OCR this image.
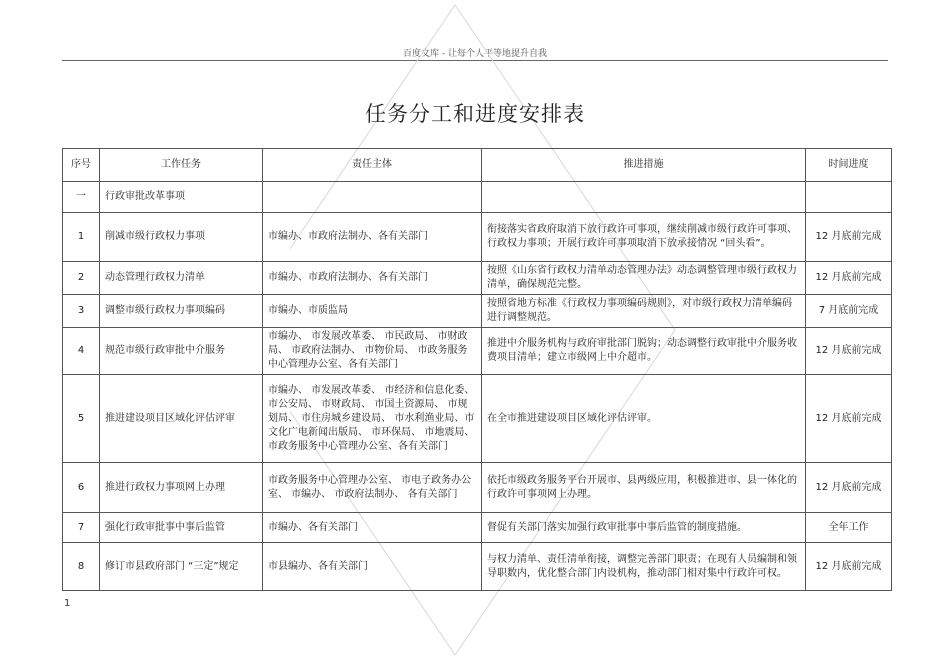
百度文库 - 让每个人平等地提升自我
任务分工和进度安排表
序号	工作任务	责任主体	推进措施	时间进度
一	行政审批改革事项			
1	削减市级行政权力事项	市编办、市政府法制办、各有关部门	衔接落实省政府取消下放行政许可事项，继续削减市级行政许可事项、行政权力事项；开展行政许可事项取消下放承接情况 “回头看”。	12 月底前完成
2	动态管理行政权力清单	市编办、市政府法制办、各有关部门	按照《山东省行政权力清单动态管理办法》动态调整管理市级行政权力清单，确保规范完整。	12 月底前完成
3	调整市级行政权力事项编码	市编办、市质监局	按照省地方标准《行政权力事项编码规则》，对市级行政权力清单编码进行调整规范。	7 月底前完成
4	规范市级行政审批中介服务	市编办、 市发展改革委、 市民政局、 市财政局、 市政府法制办、 市物价局、 市政务服务中心管理办公室、各有关部门	推进中介服务机构与政府审批部门脱钩；动态调整行政审批中介服务收费项目清单；建立市级网上中介超市。	12 月底前完成
5	推进建设项目区域化评估评审	市编办、 市发展改革委、 市经济和信息化委、市公安局、 市财政局、 市国土资源局、 市规划局、 市住房城乡建设局、 市水利渔业局、市文化广电新闻出版局、 市环保局、 市地震局、市政务服务中心管理办公室、各有关部门	在全市推进建设项目区域化评估评审。	12 月底前完成
6	推进行政权力事项网上办理	市政务服务中心管理办公室、 市电子政务办公室、 市编办、 市政府法制办、 各有关部门	依托市级政务服务平台开展市、县两级应用，积极推进市、县一体化的行政许可事项网上办理。	12 月底前完成
7	强化行政审批事中事后监管	市编办、各有关部门	督促有关部门落实加强行政审批事中事后监管的制度措施。	全年工作
8	修订市县政府部门 “三定”规定	市县编办、各有关部门	与权力清单、责任清单衔接，调整完善部门职责；在现有人员编制和领导职数内，优化整合部门内设机构，推动部门相对集中行政许可权。	12 月底前完成
1
